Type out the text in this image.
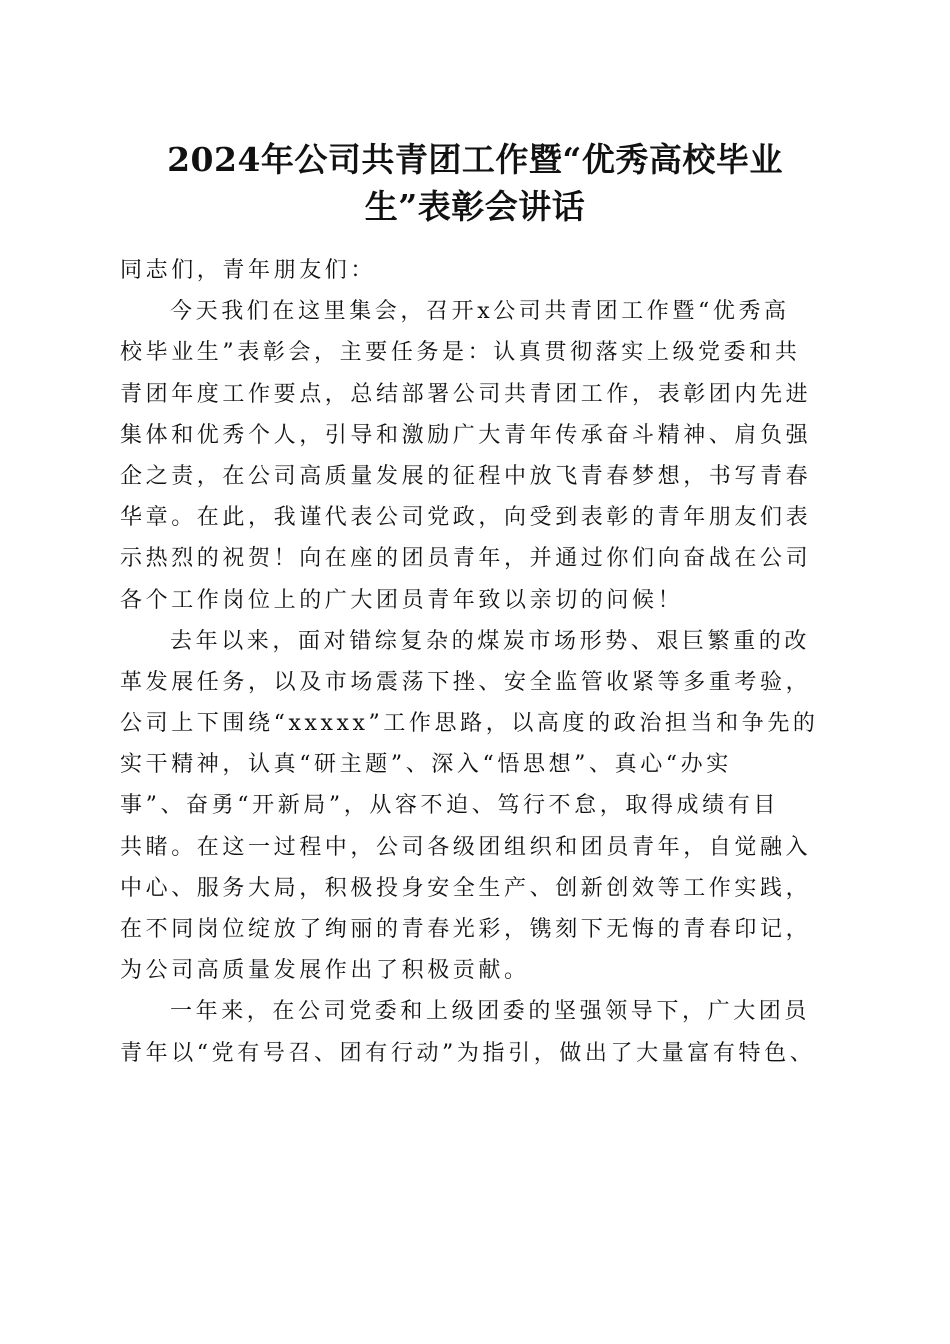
2024年公司共青团工作暨“优秀高校毕业
生”表彰会讲话
同志们，青年朋友们：
今天我们在这里集会，召开x公司共青团工作暨“优秀高
校毕业生”表彰会，主要任务是：认真贯彻落实上级党委和共
青团年度工作要点，总结部署公司共青团工作，表彰团内先进
集体和优秀个人，引导和激励广大青年传承奋斗精神、肩负强
企之责，在公司高质量发展的征程中放飞青春梦想，书写青春
华章。在此，我谨代表公司党政，向受到表彰的青年朋友们表
示热烈的祝贺！向在座的团员青年，并通过你们向奋战在公司
各个工作岗位上的广大团员青年致以亲切的问候！
去年以来，面对错综复杂的煤炭市场形势、艰巨繁重的改
革发展任务，以及市场震荡下挫、安全监管收紧等多重考验，
公司上下围绕“xxxxx”工作思路，以高度的政治担当和争先的
实干精神，认真“研主题”、深入“悟思想”、真心“办实
事”、奋勇“开新局”，从容不迫、笃行不怠，取得成绩有目
共睹。在这一过程中，公司各级团组织和团员青年，自觉融入
中心、服务大局，积极投身安全生产、创新创效等工作实践，
在不同岗位绽放了绚丽的青春光彩，镌刻下无悔的青春印记，
为公司高质量发展作出了积极贡献。
一年来，在公司党委和上级团委的坚强领导下，广大团员
青年以“党有号召、团有行动”为指引，做出了大量富有特色、
